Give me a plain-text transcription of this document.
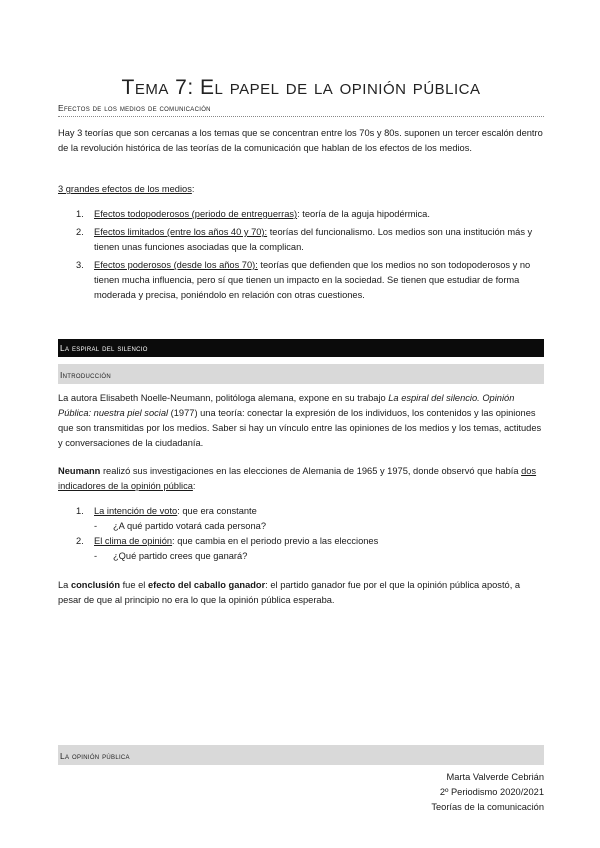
Tema 7: El papel de la opinión pública
Efectos de los medios de comunicación

Hay 3 teorías que son cercanas a los temas que se concentran entre los 70s y 80s. suponen un tercer escalón dentro de la revolución histórica de las teorías de la comunicación que hablan de los efectos de los medios.

3 grandes efectos de los medios:

1. Efectos todopoderosos (periodo de entreguerras): teoría de la aguja hipodérmica.
2. Efectos limitados (entre los años 40 y 70): teorías del funcionalismo. Los medios son una institución más y tienen unas funciones asociadas que la complican.
3. Efectos poderosos (desde los años 70): teorías que defienden que los medios no son todopoderosos y no tienen mucha influencia, pero sí que tienen un impacto en la sociedad. Se tienen que estudiar de forma moderada y precisa, poniéndolo en relación con otras cuestiones.
La espiral del silencio
Introducción

La autora Elisabeth Noelle-Neumann, politóloga alemana, expone en su trabajo La espiral del silencio. Opinión Pública: nuestra piel social (1977) una teoría: conectar la expresión de los individuos, los contenidos y las opiniones que son transmitidas por los medios. Saber si hay un vínculo entre las opiniones de los medios y los temas, actitudes y conversaciones de la ciudadanía.

Neumann realizó sus investigaciones en las elecciones de Alemania de 1965 y 1975, donde observó que había dos indicadores de la opinión pública:

1. La intención de voto: que era constante
- ¿A qué partido votará cada persona?
2. El clima de opinión: que cambia en el periodo previo a las elecciones
- ¿Qué partido crees que ganará?

La conclusión fue el efecto del caballo ganador: el partido ganador fue por el que la opinión pública apostó, a pesar de que al principio no era lo que la opinión pública esperaba.

La opinión pública
Marta Valverde Cebrián
2º Periodismo 2020/2021
Teorías de la comunicación
